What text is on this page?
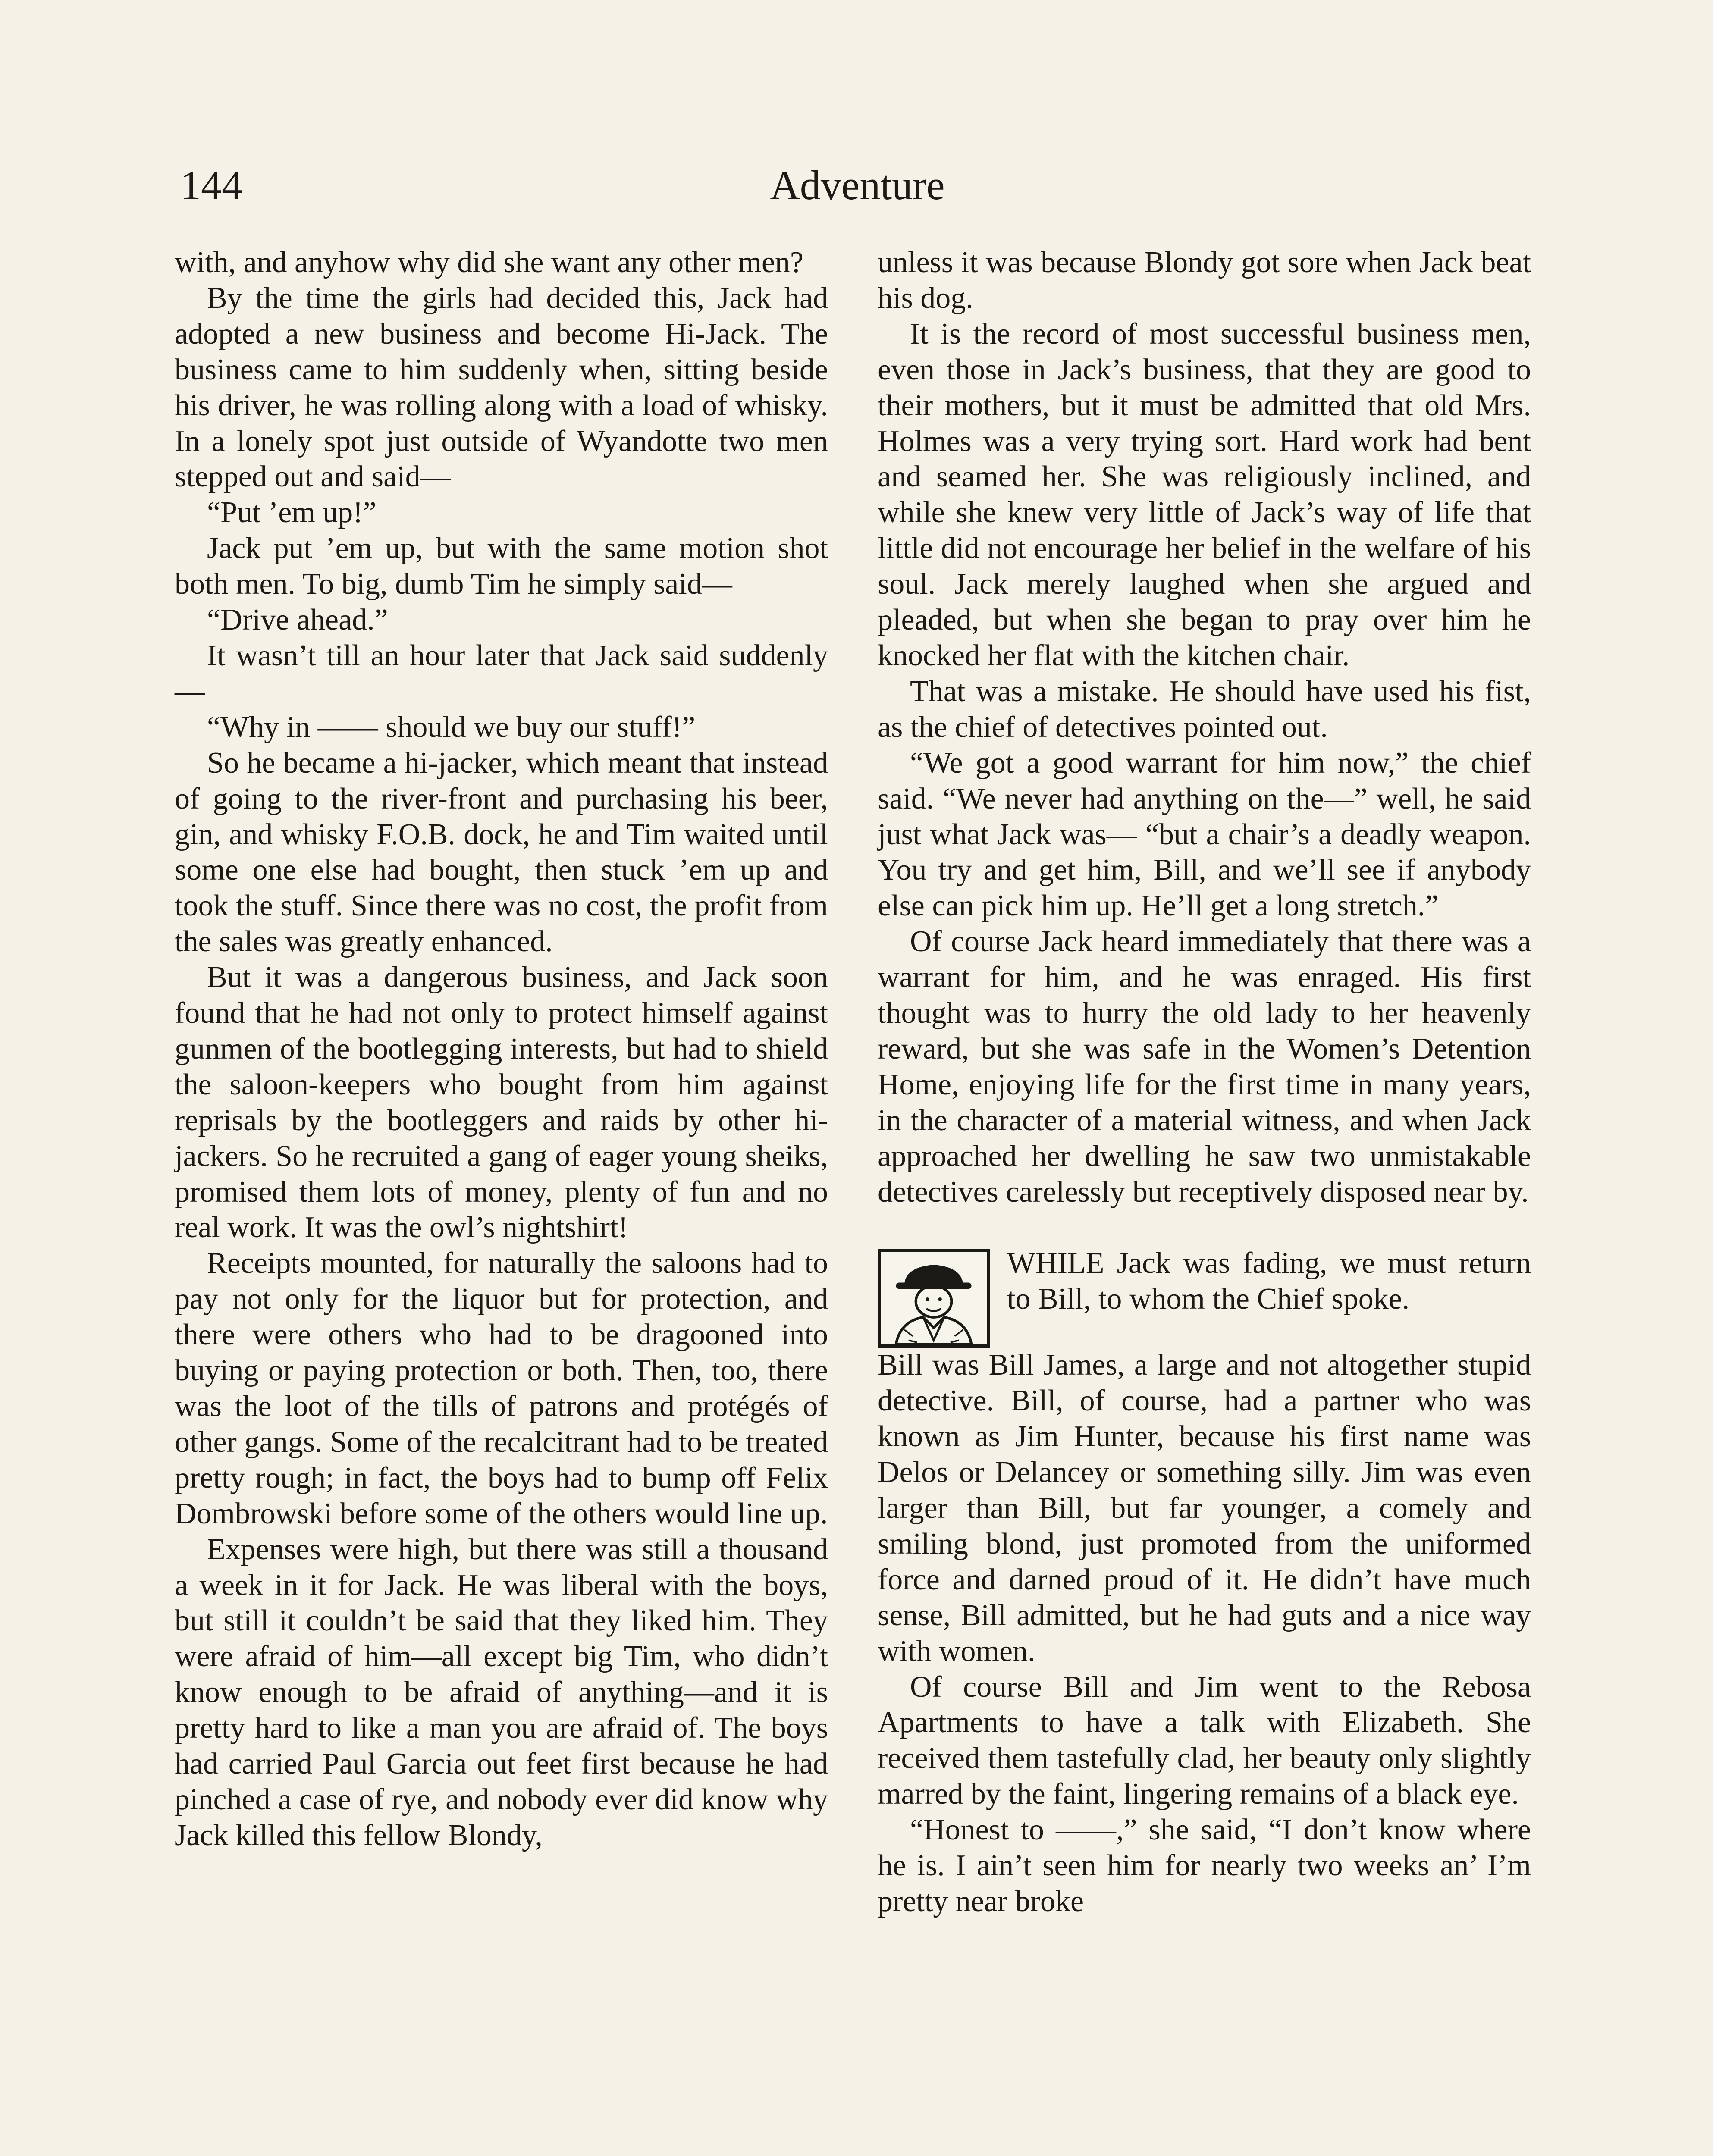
144	Adventure

with, and anyhow why did she want any other men?

By the time the girls had decided this, Jack had adopted a new business and become Hi-Jack. The business came to him suddenly when, sitting beside his driver, he was rolling along with a load of whisky. In a lonely spot just outside of Wyandotte two men stepped out and said—

“Put ’em up!”

Jack put ’em up, but with the same motion shot both men. To big, dumb Tim he simply said—

“Drive ahead.”

It wasn’t till an hour later that Jack said suddenly—

“Why in —— should we buy our stuff!”

So he became a hi-jacker, which meant that instead of going to the river-front and purchasing his beer, gin, and whisky F.O.B. dock, he and Tim waited until some one else had bought, then stuck ’em up and took the stuff. Since there was no cost, the profit from the sales was greatly enhanced.

But it was a dangerous business, and Jack soon found that he had not only to protect himself against gunmen of the bootlegging interests, but had to shield the saloon-keepers who bought from him against reprisals by the bootleggers and raids by other hi-jackers. So he recruited a gang of eager young sheiks, promised them lots of money, plenty of fun and no real work. It was the owl’s nightshirt!

Receipts mounted, for naturally the saloons had to pay not only for the liquor but for protection, and there were others who had to be dragooned into buying or paying protection or both. Then, too, there was the loot of the tills of patrons and protégés of other gangs. Some of the recalcitrant had to be treated pretty rough; in fact, the boys had to bump off Felix Dombrowski before some of the others would line up.

Expenses were high, but there was still a thousand a week in it for Jack. He was liberal with the boys, but still it couldn’t be said that they liked him. They were afraid of him—all except big Tim, who didn’t know enough to be afraid of anything—and it is pretty hard to like a man you are afraid of. The boys had carried Paul Garcia out feet first because he had pinched a case of rye, and nobody ever did know why Jack killed this fellow Blondy,

unless it was because Blondy got sore when Jack beat his dog.

It is the record of most successful business men, even those in Jack’s business, that they are good to their mothers, but it must be admitted that old Mrs. Holmes was a very trying sort. Hard work had bent and seamed her. She was religiously inclined, and while she knew very little of Jack’s way of life that little did not encourage her belief in the welfare of his soul. Jack merely laughed when she argued and pleaded, but when she began to pray over him he knocked her flat with the kitchen chair.

That was a mistake. He should have used his fist, as the chief of detectives pointed out.

“We got a good warrant for him now,” the chief said. “We never had anything on the—” well, he said just what Jack was— “but a chair’s a deadly weapon. You try and get him, Bill, and we’ll see if anybody else can pick him up. He’ll get a long stretch.”

Of course Jack heard immediately that there was a warrant for him, and he was enraged. His first thought was to hurry the old lady to her heavenly reward, but she was safe in the Women’s Detention Home, enjoying life for the first time in many years, in the character of a material witness, and when Jack approached her dwelling he saw two unmistakable detectives carelessly but receptively disposed near by.

WHILE Jack was fading, we must return to Bill, to whom the Chief spoke.

Bill was Bill James, a large and not altogether stupid detective. Bill, of course, had a partner who was known as Jim Hunter, because his first name was Delos or Delancey or something silly. Jim was even larger than Bill, but far younger, a comely and smiling blond, just promoted from the uniformed force and darned proud of it. He didn’t have much sense, Bill admitted, but he had guts and a nice way with women.

Of course Bill and Jim went to the Rebosa Apartments to have a talk with Elizabeth. She received them tastefully clad, her beauty only slightly marred by the faint, lingering remains of a black eye.

“Honest to ——,” she said, “I don’t know where he is. I ain’t seen him for nearly two weeks an’ I’m pretty near broke
